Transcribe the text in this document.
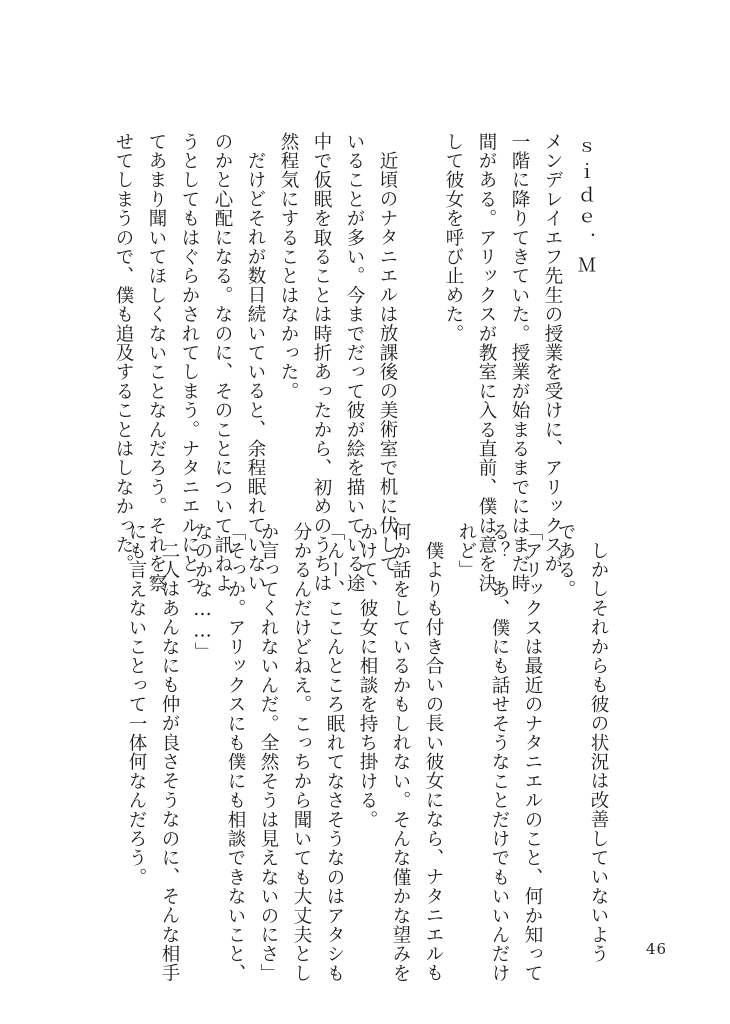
ｓｉｄｅ．Ｍ

メンデレイエフ先生の授業を受けに、アリックスが

一階に降りてきていた。授業が始まるまでにはまだ時

間がある。アリックスが教室に入る直前、僕は意を決

して彼女を呼び止めた。

近頃のナタニエルは放課後の美術室で机に伏して

いることが多い。今までだって彼が絵を描いている途

中で仮眠を取ることは時折あったから、初めのうちは

然程気にすることはなかった。

だけどそれが数日続いていると、余程眠れていない

のかと心配になる。なのに、そのことについて訊ねよ

うとしてもはぐらかされてしまう。ナタニエルにとっ

てあまり聞いてほしくないことなんだろう。それを察

せてしまうので、僕も追及することはしなかった。

しかしそれからも彼の状況は改善していないよう

である。

「アリックスは最近のナタニエルのこと、何か知って

る？　あ、僕にも話せそうなことだけでもいいんだけ

れど」

僕よりも付き合いの長い彼女になら、ナタニエルも

何か話をしているかもしれない。そんな僅かな望みを

かけて、彼女に相談を持ち掛ける。

「んー、ここんところ眠れてなさそうなのはアタシも

分かるんだけどねえ。こっちから聞いても大丈夫とし

か言ってくれないんだ。全然そうは見えないのにさ」

「そっか。アリックスにも僕にも相談できないこと、

なのかな……」

二人はあんなにも仲が良さそうなのに、そんな相手

にも言えないことって一体何なんだろう。

46
